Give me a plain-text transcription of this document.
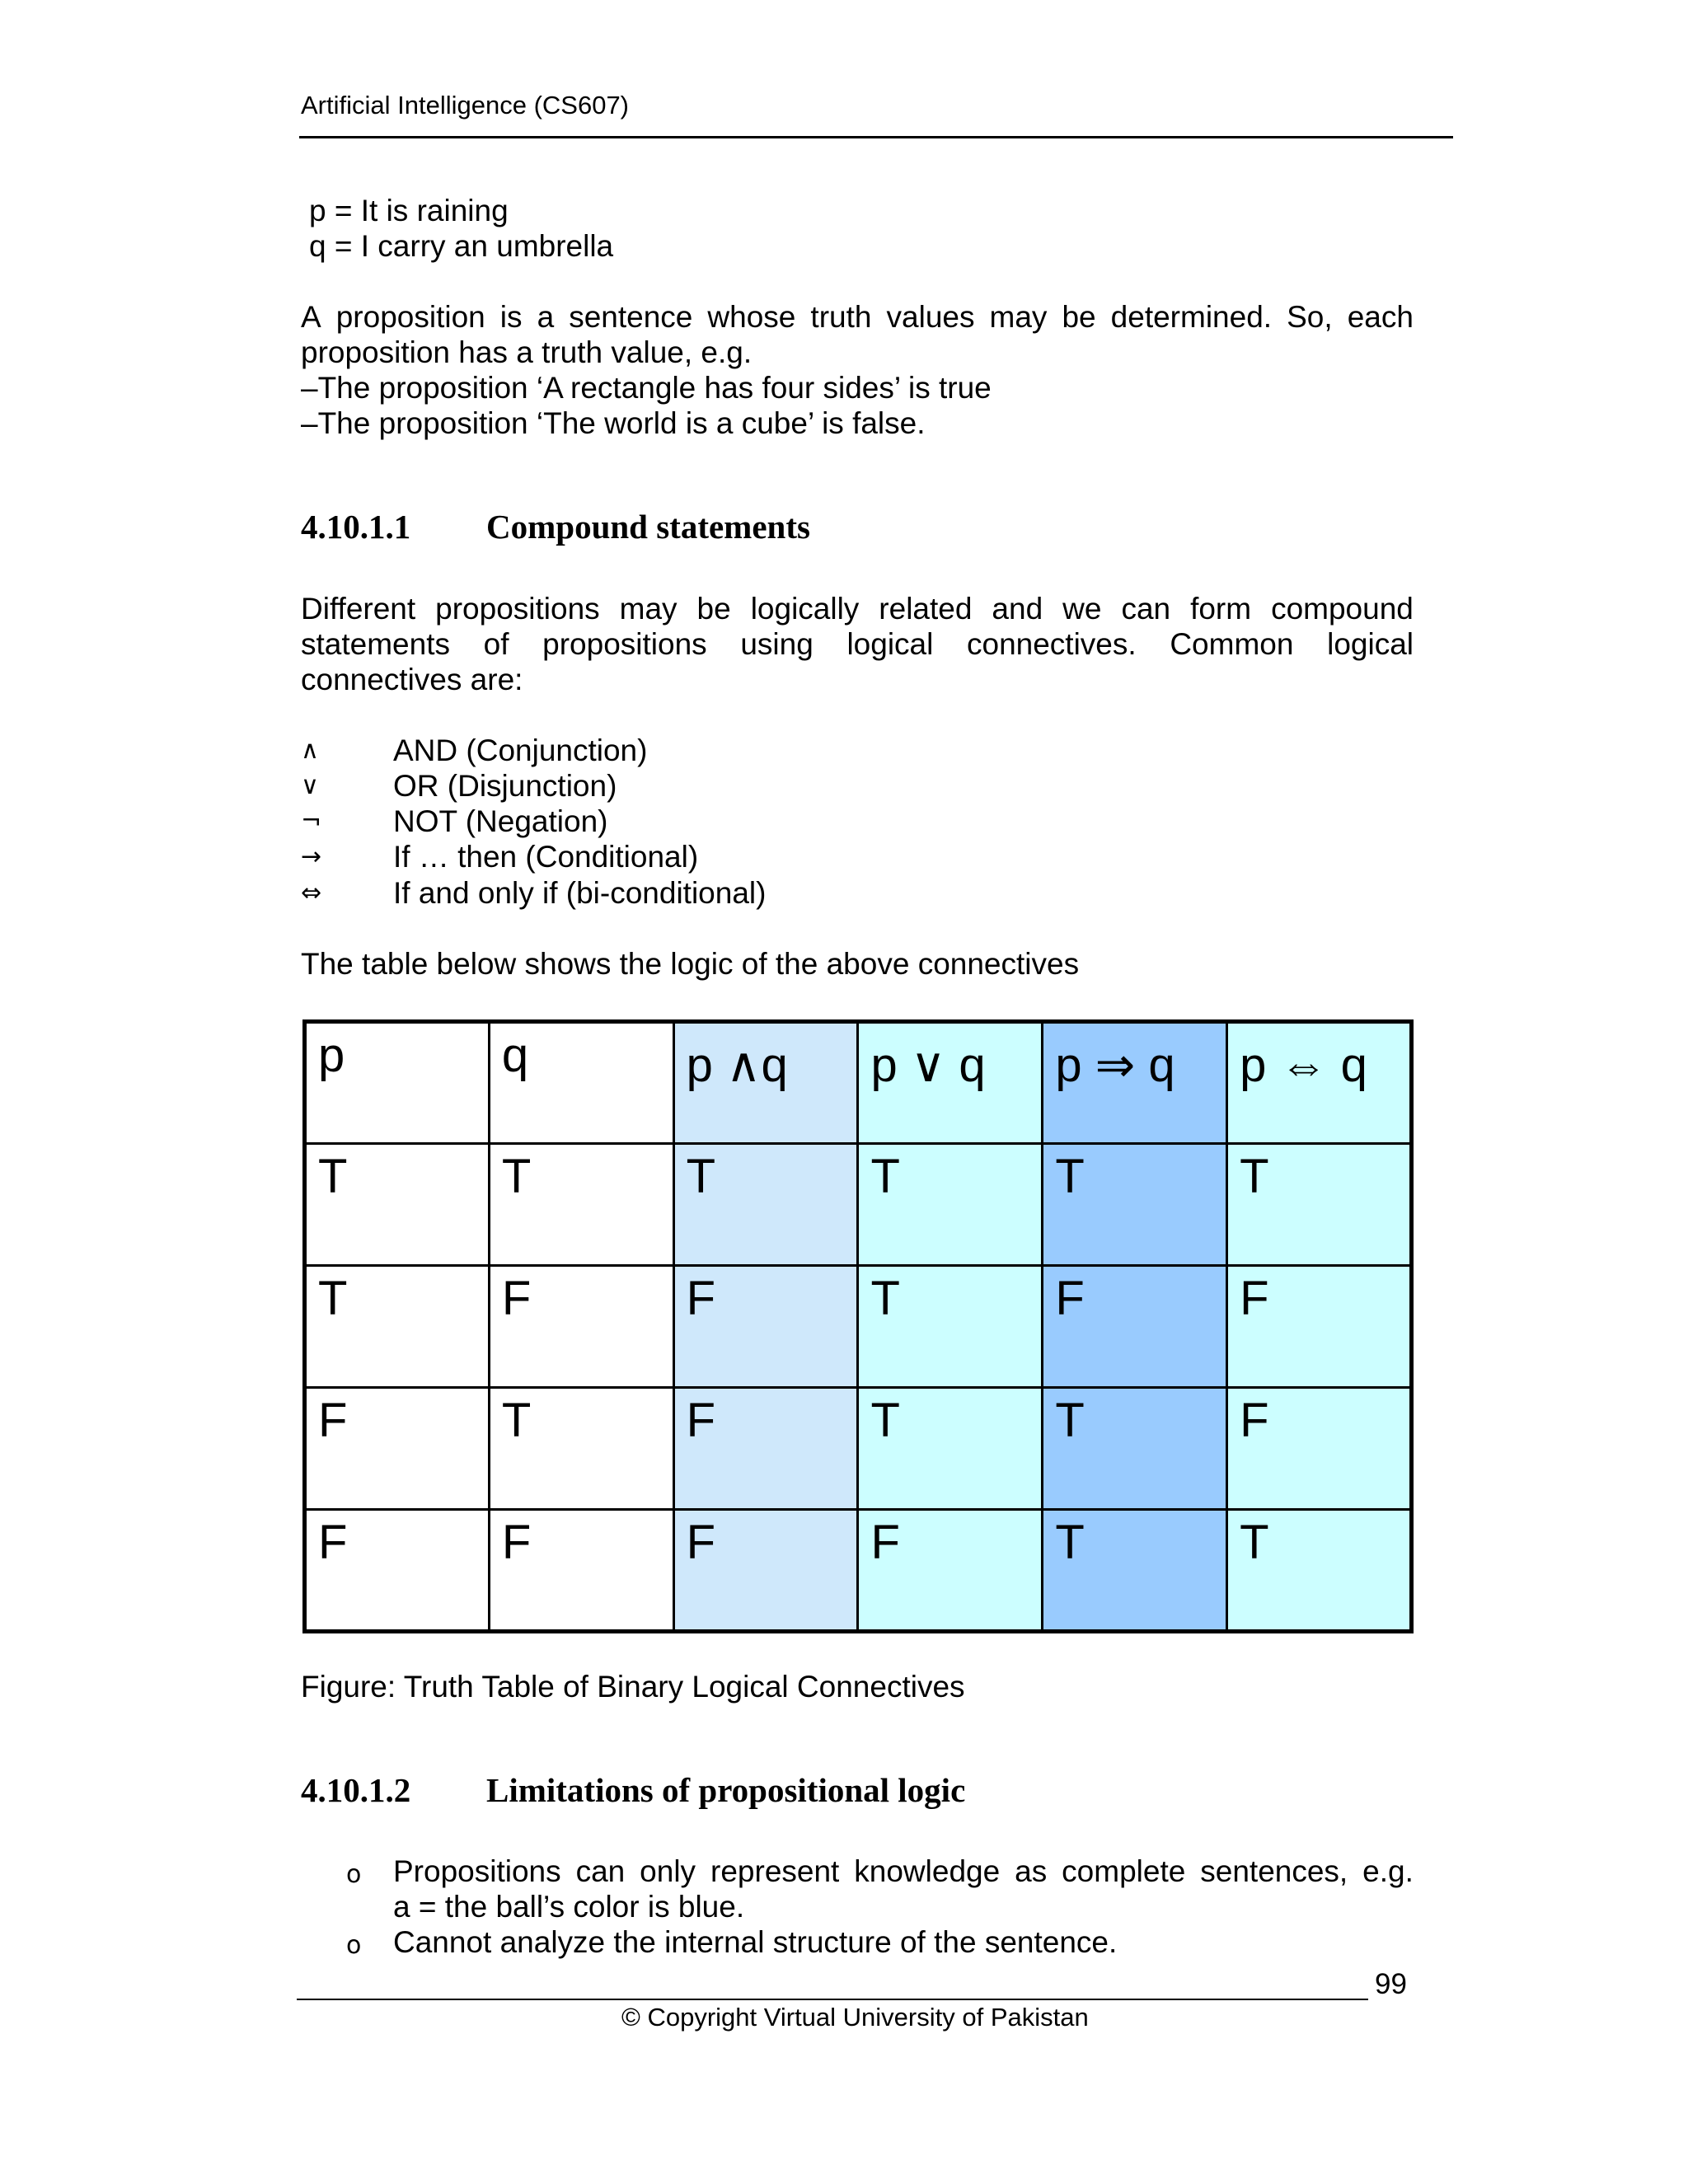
Artificial Intelligence (CS607)
p = It is raining
q = I carry an umbrella
A proposition is a sentence whose truth values may be determined. So, each
proposition has a truth value, e.g.
–The proposition ‘A rectangle has four sides’ is true
–The proposition ‘The world is a cube’ is false.
4.10.1.1 Compound statements
Different propositions may be logically related and we can form compound
statements of propositions using logical connectives. Common logical
connectives are:
∧	AND (Conjunction)
∨	OR (Disjunction)
¬	NOT (Negation)
→	If … then (Conditional)
⇔	If and only if (bi-conditional)
The table below shows the logic of the above connectives
p	q	p ∧q	p ∨ q	p ⇒ q	p ⇔ q
T	T	T	T	T	T
T	F	F	T	F	F
F	T	F	T	T	F
F	F	F	F	T	T
Figure: Truth Table of Binary Logical Connectives
4.10.1.2 Limitations of propositional logic
o Propositions can only represent knowledge as complete sentences, e.g.
a = the ball’s color is blue.
o Cannot analyze the internal structure of the sentence.
99
© Copyright Virtual University of Pakistan
